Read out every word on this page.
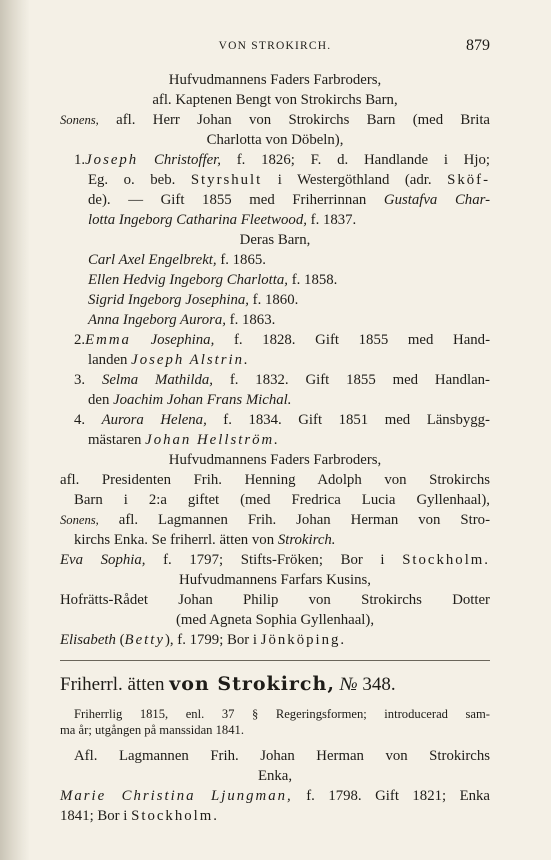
VON STROKIRCH.	879
Hufvudmannens Faders Farbroders,
afl. Kaptenen Bengt von Strokirchs Barn,
Sonens, afl. Herr Johan von Strokirchs Barn (med Brita
Charlotta von Döbeln),
1.Joseph Christoffer, f. 1826; F. d. Handlande i Hjo;
Eg. o. beb. Styrshult i Westergöthland (adr. Sköf-
de). — Gift 1855 med Friherrinnan Gustafva Char-
lotta Ingeborg Catharina Fleetwood, f. 1837.
Deras Barn,
Carl Axel Engelbrekt, f. 1865.
Ellen Hedvig Ingeborg Charlotta, f. 1858.
Sigrid Ingeborg Josephina, f. 1860.
Anna Ingeborg Aurora, f. 1863.
2.Emma Josephina, f. 1828. Gift 1855 med Hand-
landen Joseph Alstrin.
3. Selma Mathilda, f. 1832. Gift 1855 med Handlan-
den Joachim Johan Frans Michal.
4. Aurora Helena, f. 1834. Gift 1851 med Länsbygg-
mästaren Johan Hellström.
Hufvudmannens Faders Farbroders,
afl. Presidenten Frih. Henning Adolph von Strokirchs
Barn i 2:a giftet (med Fredrica Lucia Gyllenhaal),
Sonens, afl. Lagmannen Frih. Johan Herman von Stro-
kirchs Enka. Se friherrl. ätten von Strokirch.
Eva Sophia, f. 1797; Stifts-Fröken; Bor i Stockholm.
Hufvudmannens Farfars Kusins,
Hofrätts-Rådet Johan Philip von Strokirchs Dotter
(med Agneta Sophia Gyllenhaal),
Elisabeth (Betty), f. 1799; Bor i Jönköping.
Friherrl. ätten von Strokirch, № 348.
Friherrlig 1815, enl. 37 § Regeringsformen; introducerad sam-
ma år; utgången på manssidan 1841.
Afl. Lagmannen Frih. Johan Herman von Strokirchs
Enka,
Marie Christina Ljungman, f. 1798. Gift 1821; Enka
1841; Bor i Stockholm.
